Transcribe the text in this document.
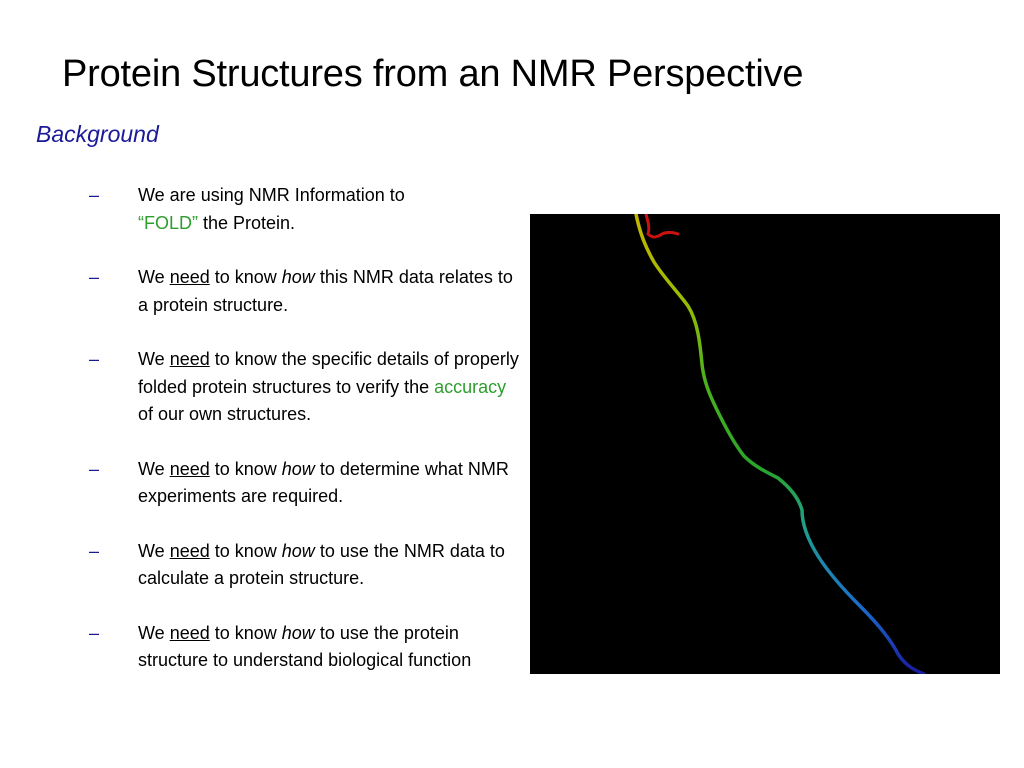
Protein Structures from an NMR Perspective
Background
– We are using NMR Information to
“FOLD” the Protein.
– We need to know how this NMR data relates to a protein structure.
– We need to know the specific details of properly folded protein structures to verify the accuracy of our own structures.
– We need to know how to determine what NMR experiments are required.
– We need to know how to use the NMR data to calculate a protein structure.
– We need to know how to use the protein structure to understand biological function
